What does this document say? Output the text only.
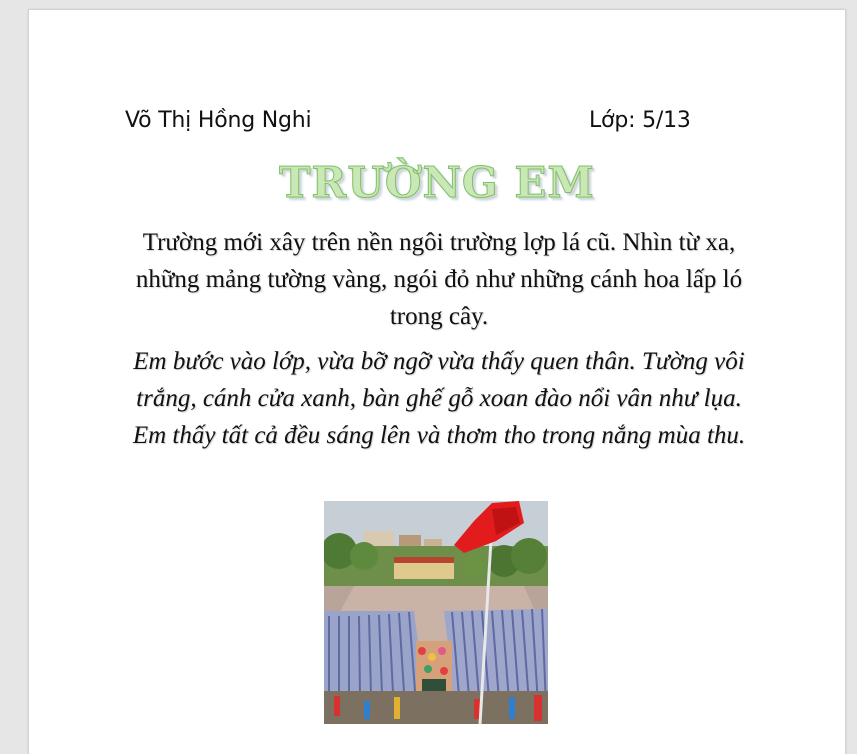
Võ Thị Hồng Nghi	Lớp: 5/13
TRƯỜNG EM
Trường mới xây trên nền ngôi trường lợp lá cũ. Nhìn từ xa, những mảng tường vàng, ngói đỏ như những cánh hoa lấp ló trong cây.
Em bước vào lớp, vừa bỡ ngỡ vừa thấy quen thân. Tường vôi trắng, cánh cửa xanh, bàn ghế gỗ xoan đào nổi vân như lụa. Em thấy tất cả đều sáng lên và thơm tho trong nắng mùa thu.
